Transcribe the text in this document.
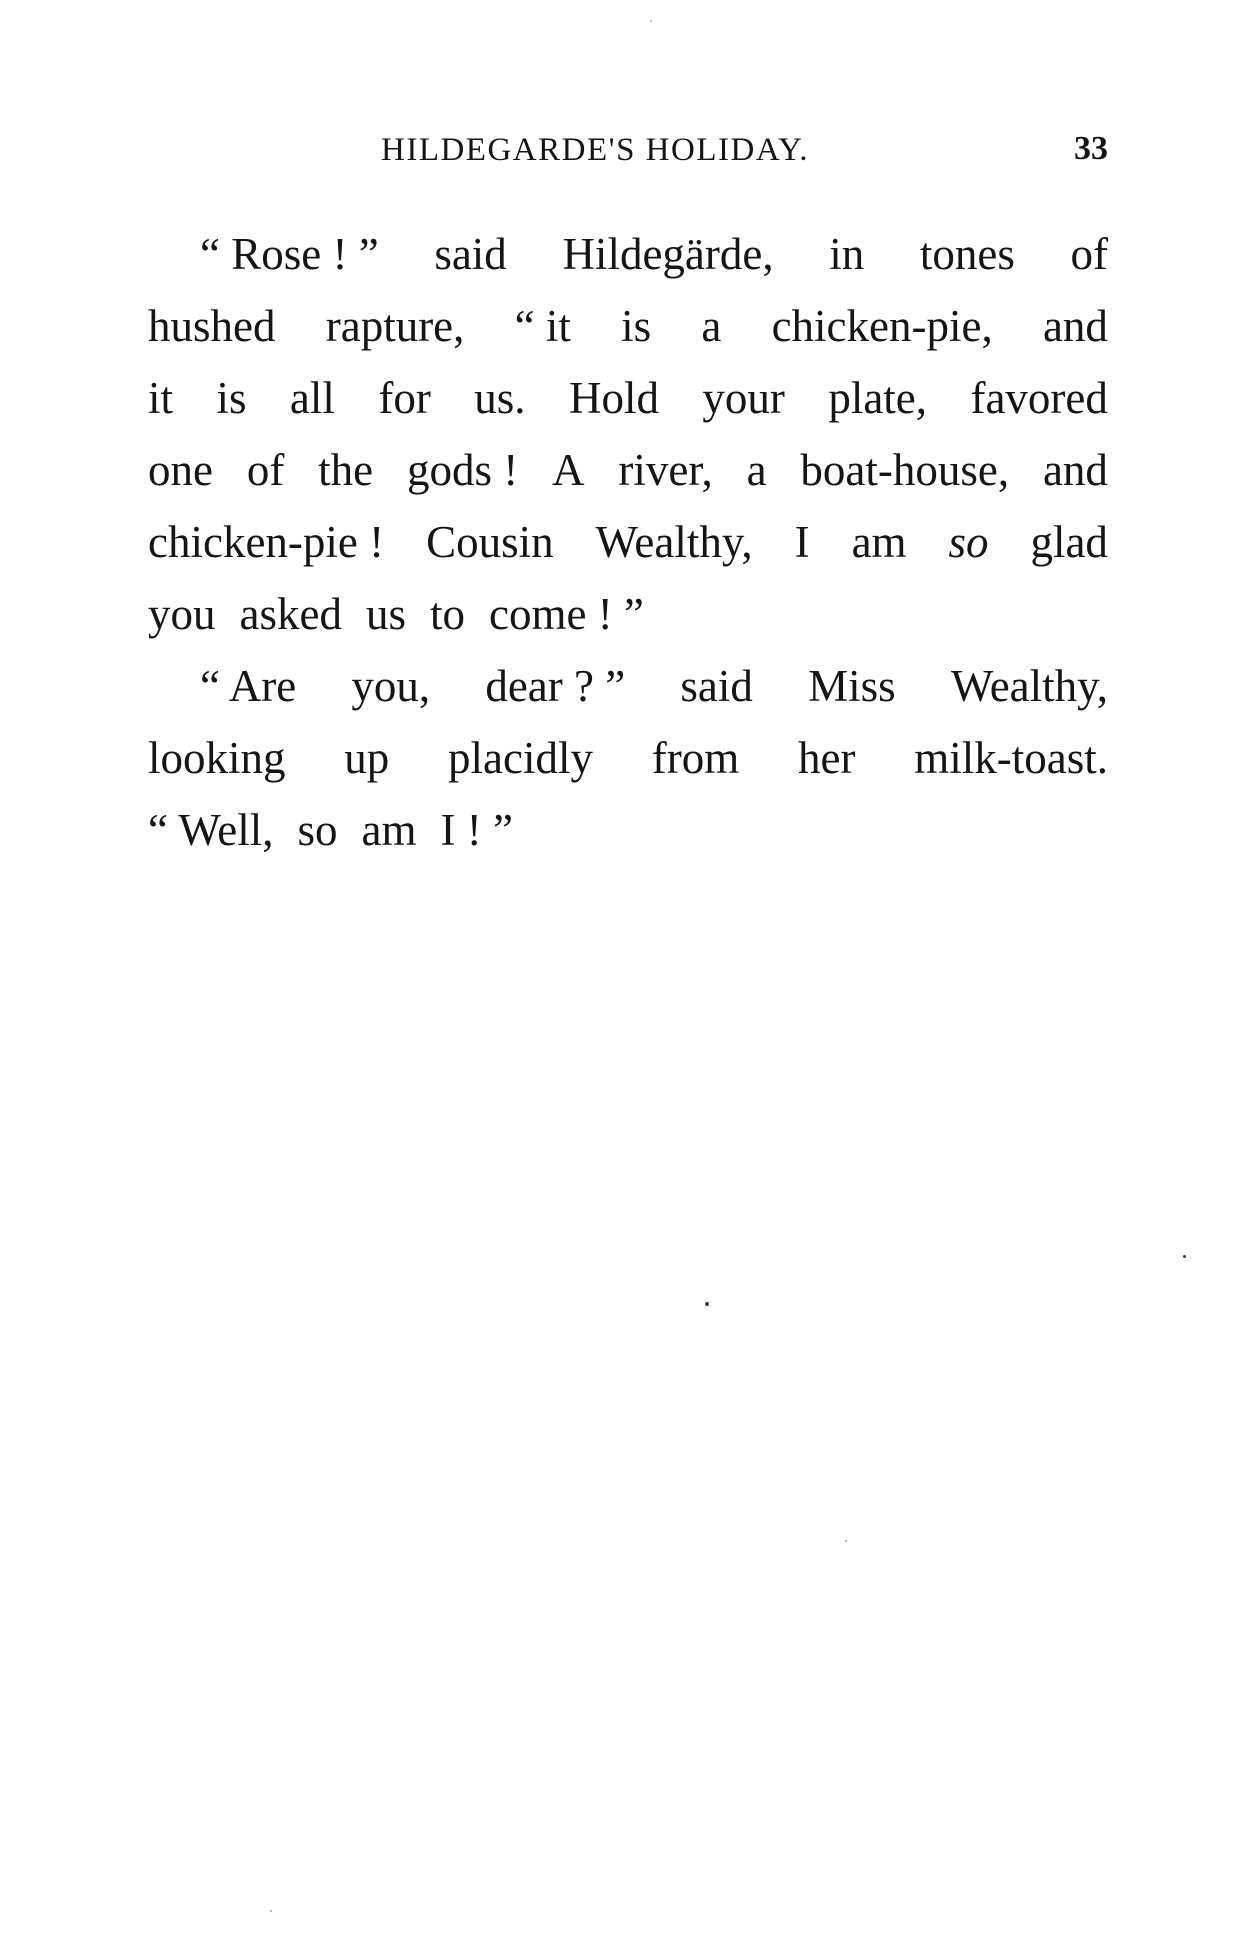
HILDEGARDE'S HOLIDAY.	33
“ Rose ! ” said Hildegärde, in tones of
hushed rapture, “ it is a chicken-pie, and
it is all for us. Hold your plate, favored
one of the gods ! A river, a boat-house, and
chicken-pie ! Cousin Wealthy, I am so glad
you asked us to come ! ”
“ Are you, dear ? ” said Miss Wealthy,
looking up placidly from her milk-toast.
“ Well, so am I ! ”
